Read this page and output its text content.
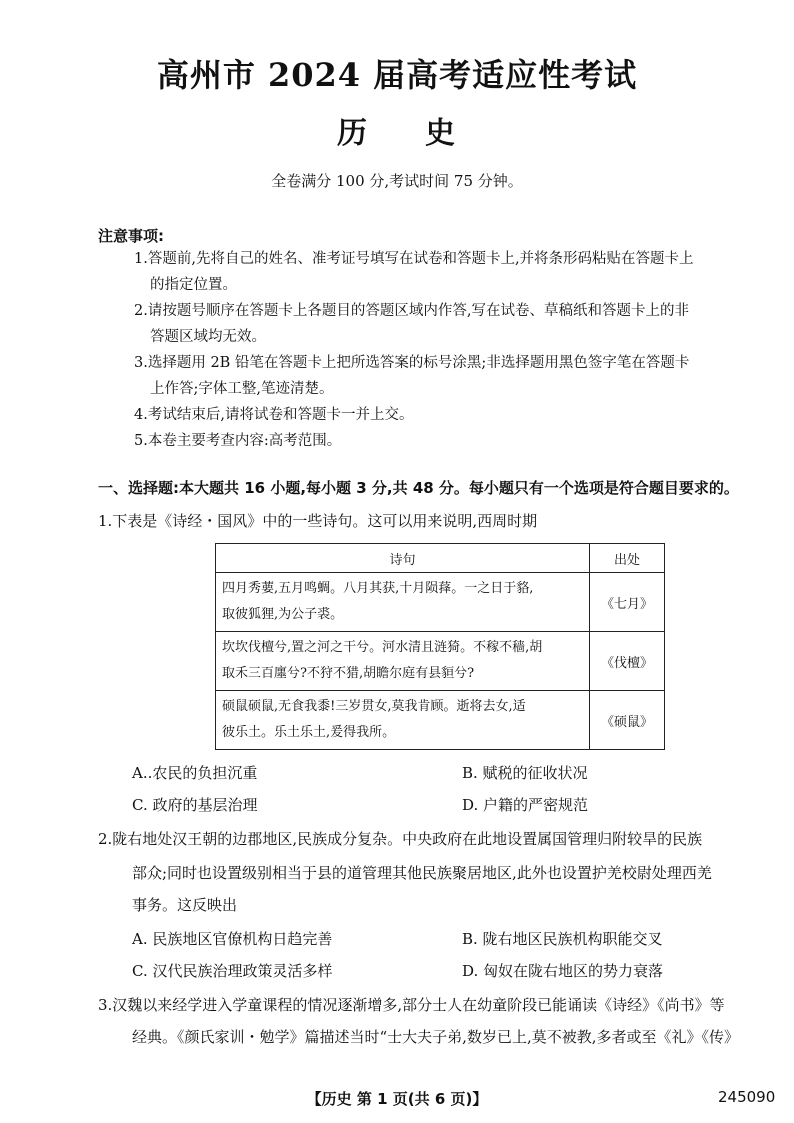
高州市 2024 届高考适应性考试
历 史
全卷满分 100 分,考试时间 75 分钟。
注意事项:
1.答题前,先将自己的姓名、准考证号填写在试卷和答题卡上,并将条形码粘贴在答题卡上
的指定位置。
2.请按题号顺序在答题卡上各题目的答题区域内作答,写在试卷、草稿纸和答题卡上的非
答题区域均无效。
3.选择题用 2B 铅笔在答题卡上把所选答案的标号涂黑;非选择题用黑色签字笔在答题卡
上作答;字体工整,笔迹清楚。
4.考试结束后,请将试卷和答题卡一并上交。
5.本卷主要考查内容:高考范围。
一、选择题:本大题共 16 小题,每小题 3 分,共 48 分。每小题只有一个选项是符合题目要求的。
1.下表是《诗经・国风》中的一些诗句。这可以用来说明,西周时期
诗句	出处
四月秀葽,五月鸣蜩。八月其获,十月陨萚。一之日于貉,
取彼狐狸,为公子裘。	《七月》
坎坎伐檀兮,置之河之干兮。河水清且涟猗。不稼不穑,胡
取禾三百廛兮?不狩不猎,胡瞻尔庭有县貆兮?	《伐檀》
硕鼠硕鼠,无食我黍!三岁贯女,莫我肯顾。逝将去女,适
彼乐土。乐土乐土,爰得我所。	《硕鼠》
A..农民的负担沉重	B. 赋税的征收状况
C. 政府的基层治理	D. 户籍的严密规范
2.陇右地处汉王朝的边郡地区,民族成分复杂。中央政府在此地设置属国管理归附较旱的民族
部众;同时也设置级别相当于县的道管理其他民族聚居地区,此外也设置护羌校尉处理西羌
事务。这反映出
A. 民族地区官僚机构日趋完善	B. 陇右地区民族机构职能交叉
C. 汉代民族治理政策灵活多样	D. 匈奴在陇右地区的势力衰落
3.汉魏以来经学进入学童课程的情况逐渐增多,部分士人在幼童阶段已能诵读《诗经》《尚书》等
经典。《颜氏家训・勉学》篇描述当时“士大夫子弟,数岁已上,莫不被教,多者或至《礼》《传》
【历史 第 1 页(共 6 页)】	245090
